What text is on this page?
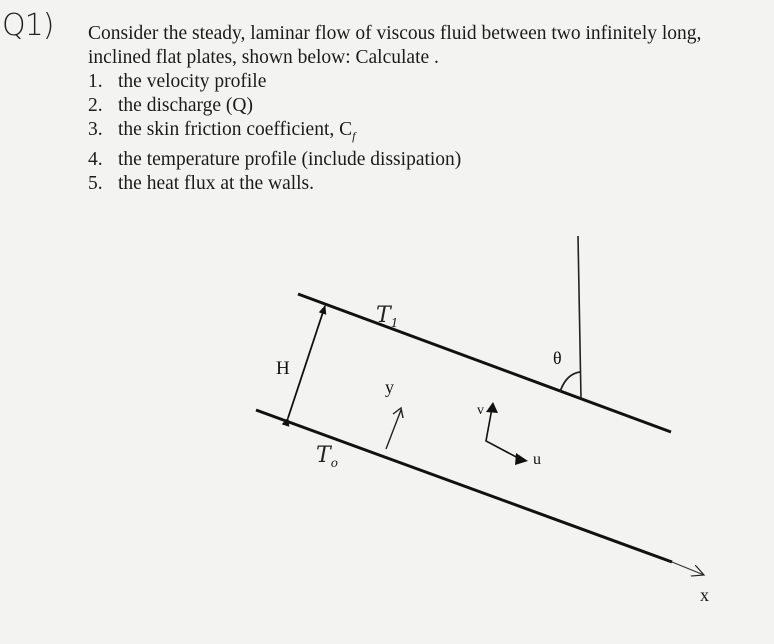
Q1) Consider the steady, laminar flow of viscous fluid between two infinitely long,
inclined flat plates, shown below: Calculate .

1. the velocity profile
2. the discharge (Q)
3. the skin friction coefficient, $C_f$
4. the temperature profile (include dissipation)
5. the heat flux at the walls.
H
$T_1$
$T_o$
θ
y
v
u
x
